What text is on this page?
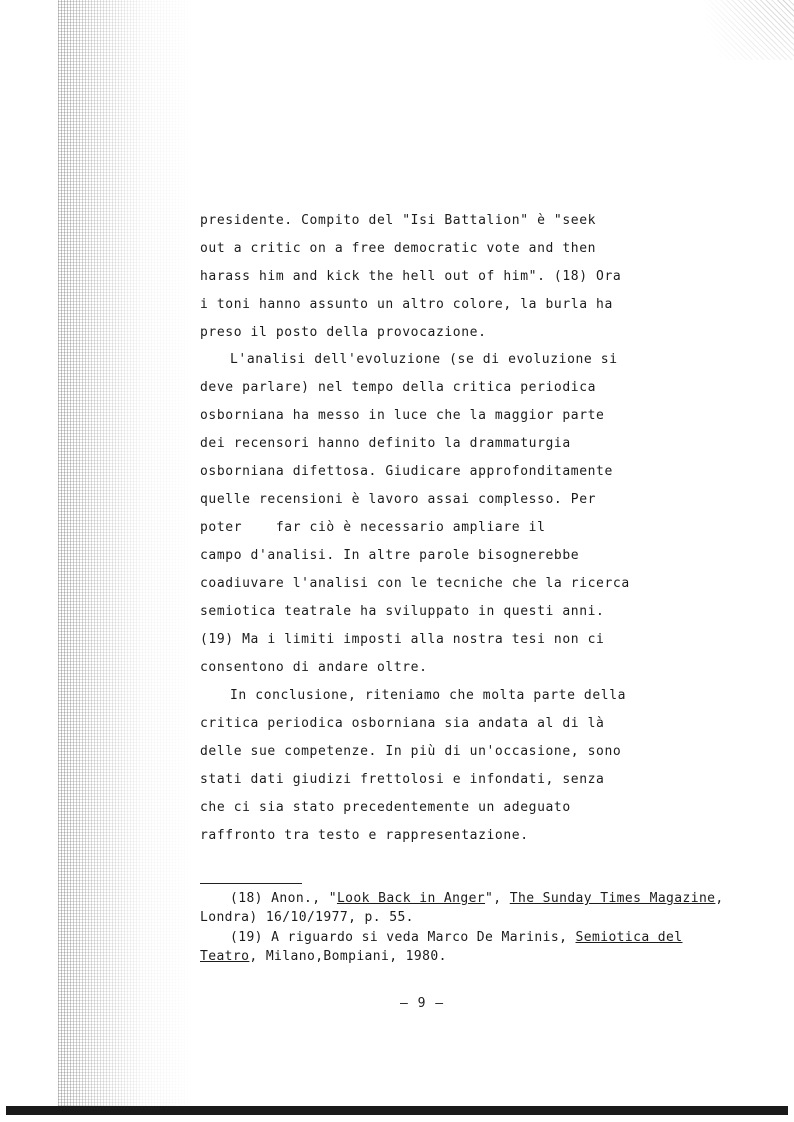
presidente. Compito del "Isi Battalion" è "seek
out a critic on a free democratic vote and then
harass him and kick the hell out of him". (18) Ora
i toni hanno assunto un altro colore, la burla ha
preso il posto della provocazione.
L'analisi dell'evoluzione (se di evoluzione si
deve parlare) nel tempo della critica periodica
osborniana ha messo in luce che la maggior parte
dei recensori hanno definito la drammaturgia
osborniana difettosa. Giudicare approfonditamente
quelle recensioni è lavoro assai complesso. Per
poter    far ciò è necessario ampliare il
campo d'analisi. In altre parole bisognerebbe
coadiuvare l'analisi con le tecniche che la ricerca
semiotica teatrale ha sviluppato in questi anni.
(19) Ma i limiti imposti alla nostra tesi non ci
consentono di andare oltre.
In conclusione, riteniamo che molta parte della
critica periodica osborniana sia andata al di là
delle sue competenze. In più di un'occasione, sono
stati dati giudizi frettolosi e infondati, senza
che ci sia stato precedentemente un adeguato
raffronto tra testo e rappresentazione.
(18) Anon., "Look Back in Anger", The Sunday Times Magazine,
Londra) 16/10/1977, p. 55.
(19) A riguardo si veda Marco De Marinis, Semiotica del
Teatro, Milano,Bompiani, 1980.
– 9 –
